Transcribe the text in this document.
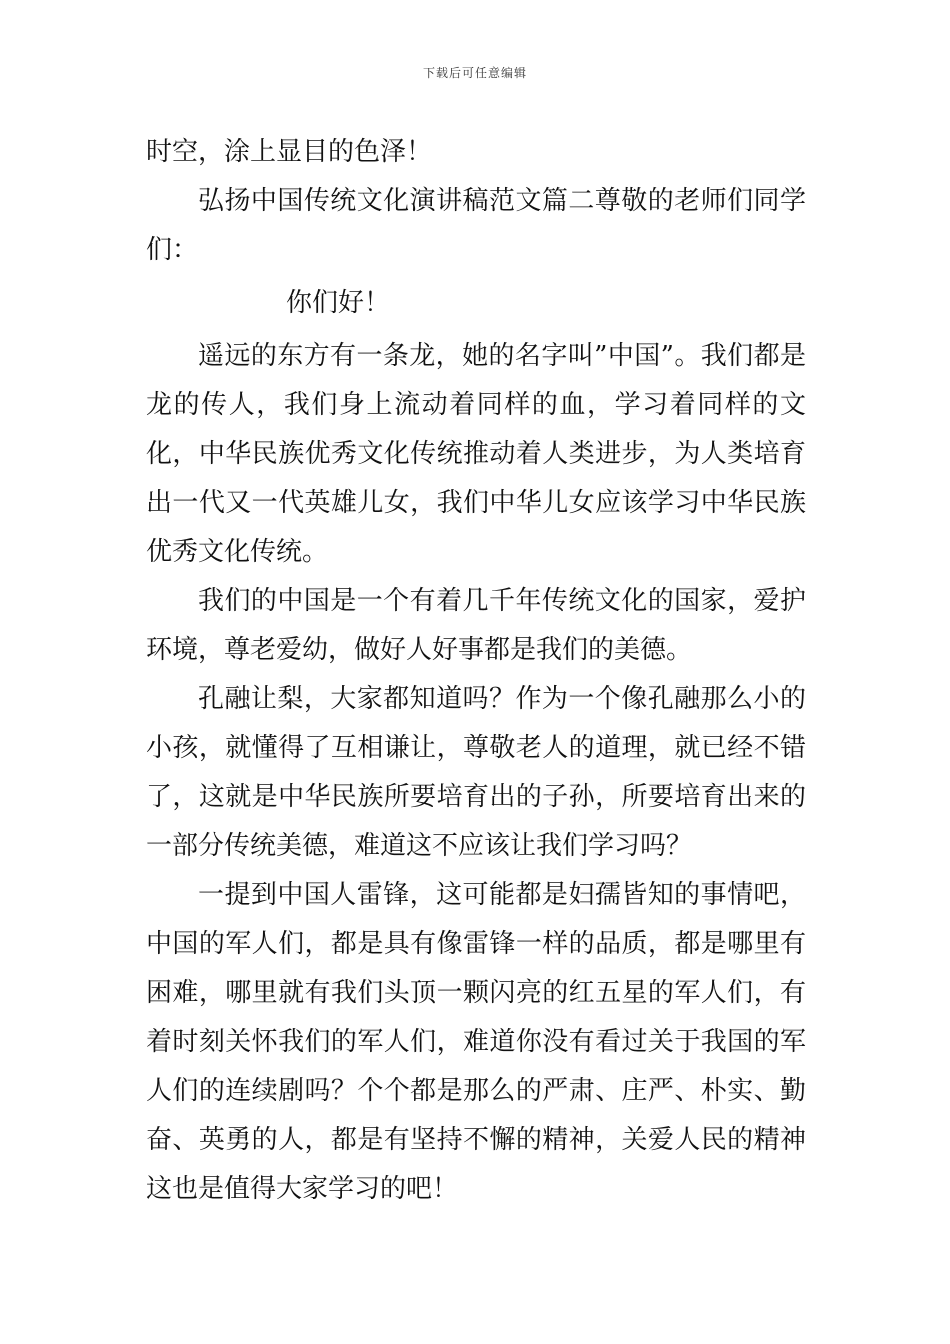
下载后可任意编辑

时空，涂上显目的色泽！

弘扬中国传统文化演讲稿范文篇二尊敬的老师们同学们：

你们好！

遥远的东方有一条龙，她的名字叫”中国”。我们都是龙的传人，我们身上流动着同样的血，学习着同样的文化，中华民族优秀文化传统推动着人类进步，为人类培育出一代又一代英雄儿女，我们中华儿女应该学习中华民族优秀文化传统。

我们的中国是一个有着几千年传统文化的国家，爱护环境，尊老爱幼，做好人好事都是我们的美德。

孔融让梨，大家都知道吗？作为一个像孔融那么小的小孩，就懂得了互相谦让，尊敬老人的道理，就已经不错了，这就是中华民族所要培育出的子孙，所要培育出来的一部分传统美德，难道这不应该让我们学习吗？

一提到中国人雷锋，这可能都是妇孺皆知的事情吧，中国的军人们，都是具有像雷锋一样的品质，都是哪里有困难，哪里就有我们头顶一颗闪亮的红五星的军人们，有着时刻关怀我们的军人们，难道你没有看过关于我国的军人们的连续剧吗？个个都是那么的严肃、庄严、朴实、勤奋、英勇的人，都是有坚持不懈的精神，关爱人民的精神这也是值得大家学习的吧！
